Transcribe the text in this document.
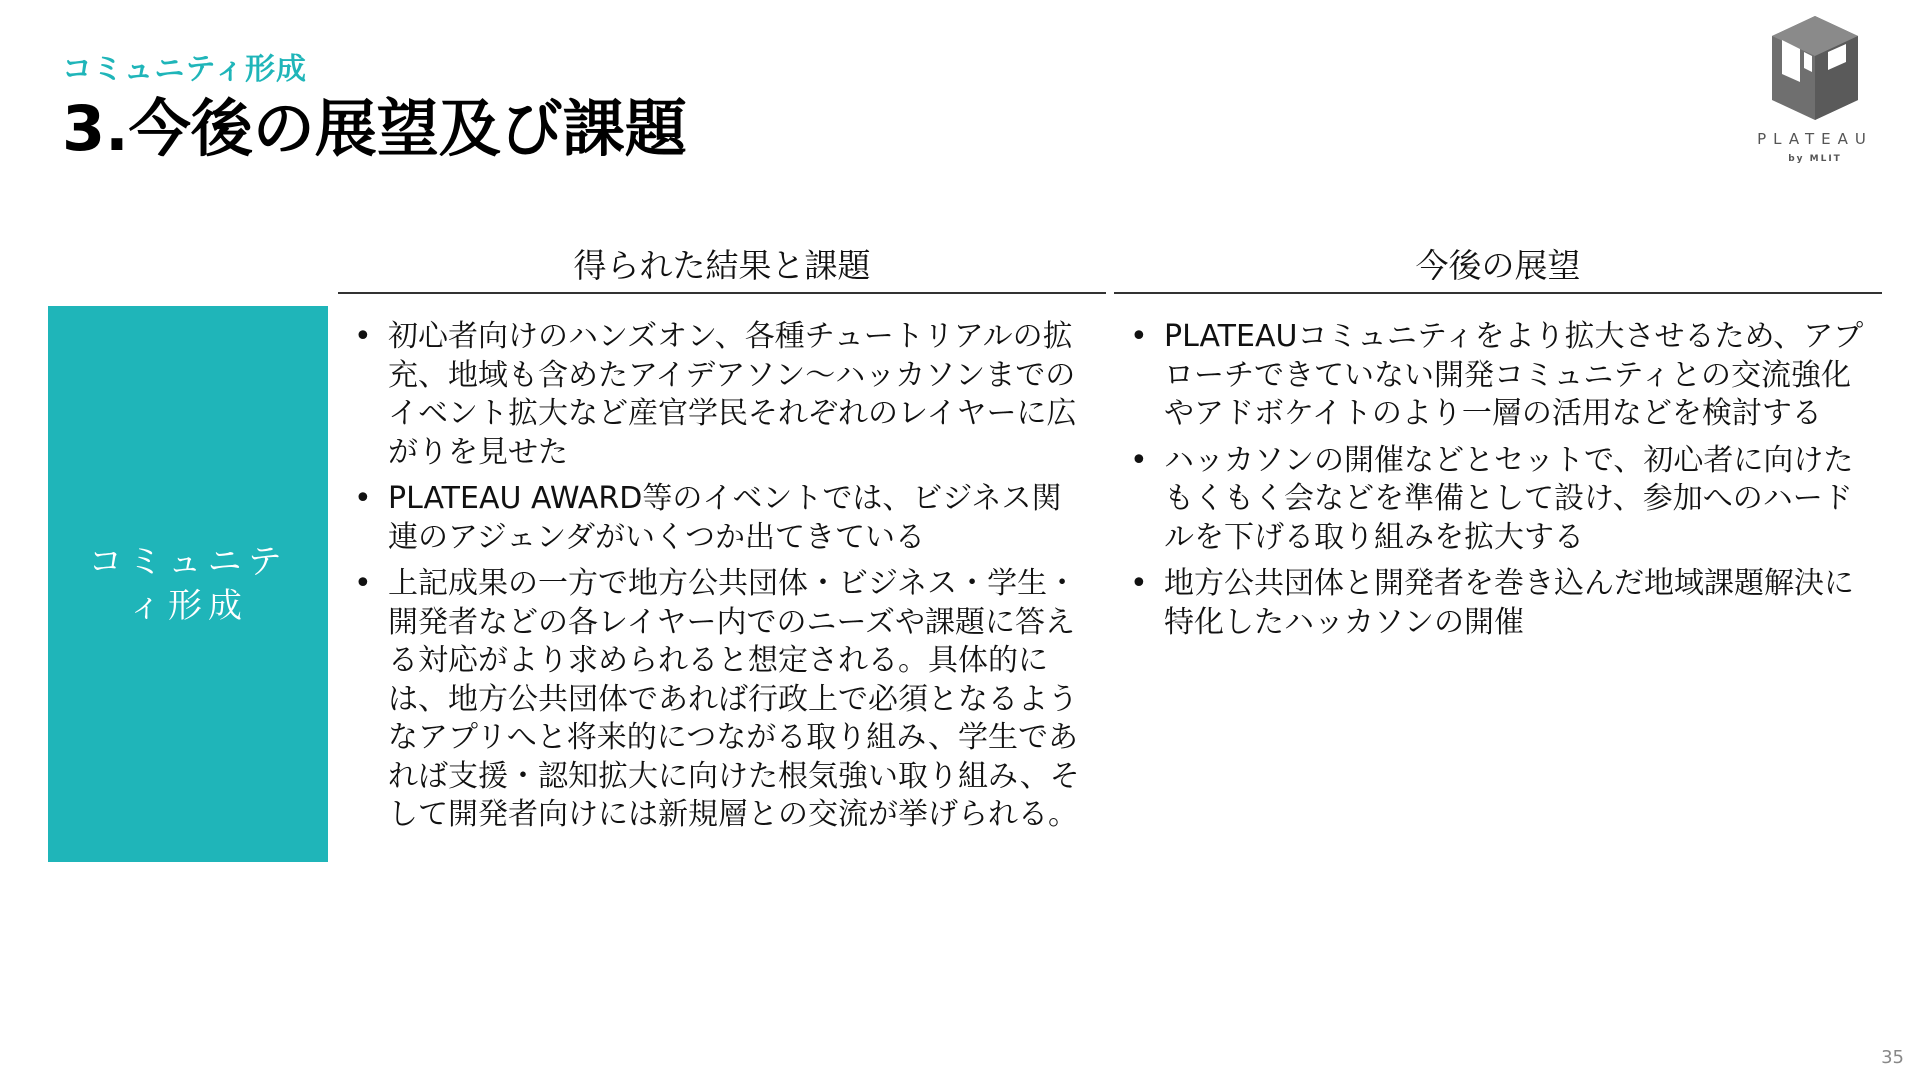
コミュニティ形成
3.今後の展望及び課題	PLATEAU
by MLIT
得られた結果と課題	今後の展望
コミュニティ形成
• 初心者向けのハンズオン、各種チュートリアルの拡充、地域も含めたアイデアソン〜ハッカソンまでのイベント拡大など産官学民それぞれのレイヤーに広がりを見せた
• PLATEAU AWARD等のイベントでは、ビジネス関連のアジェンダがいくつか出てきている
• 上記成果の一方で地方公共団体・ビジネス・学生・開発者などの各レイヤー内でのニーズや課題に答える対応がより求められると想定される。具体的には、地方公共団体であれば行政上で必須となるようなアプリへと将来的につながる取り組み、学生であれば支援・認知拡大に向けた根気強い取り組み、そして開発者向けには新規層との交流が挙げられる。
• PLATEAUコミュニティをより拡大させるため、アプローチできていない開発コミュニティとの交流強化やアドボケイトのより一層の活用などを検討する
• ハッカソンの開催などとセットで、初心者に向けたもくもく会などを準備として設け、参加へのハードルを下げる取り組みを拡大する
• 地方公共団体と開発者を巻き込んだ地域課題解決に特化したハッカソンの開催
35
